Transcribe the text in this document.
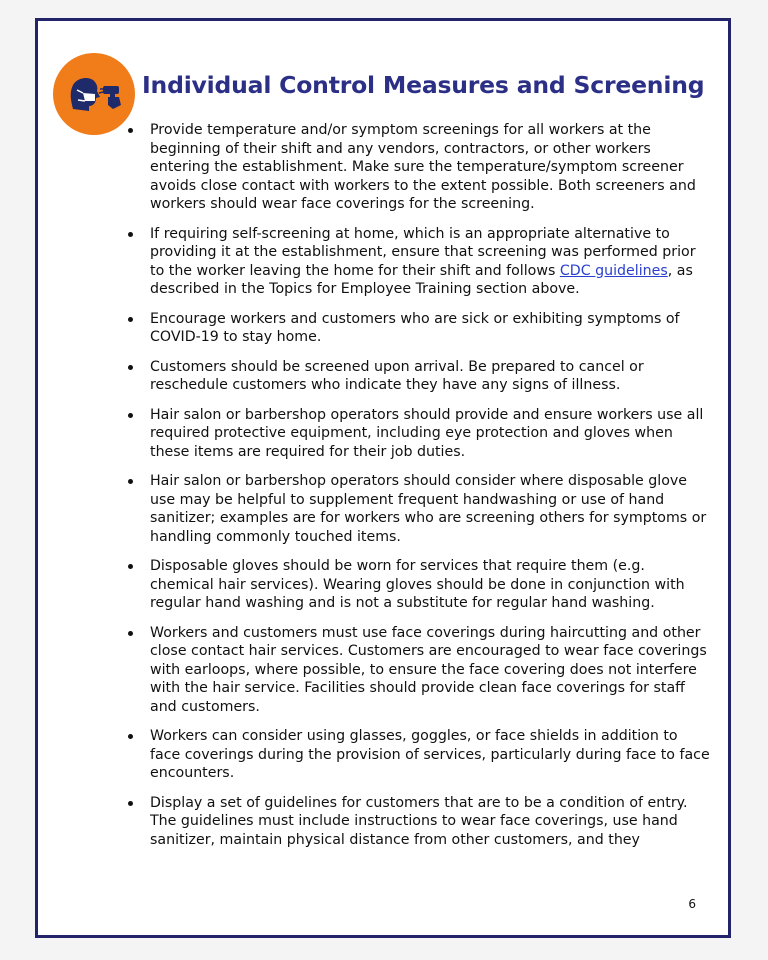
Individual Control Measures and Screening
Provide temperature and/or symptom screenings for all workers at the beginning of their shift and any vendors, contractors, or other workers entering the establishment. Make sure the temperature/symptom screener avoids close contact with workers to the extent possible. Both screeners and workers should wear face coverings for the screening.
If requiring self-screening at home, which is an appropriate alternative to providing it at the establishment, ensure that screening was performed prior to the worker leaving the home for their shift and follows CDC guidelines, as described in the Topics for Employee Training section above.
Encourage workers and customers who are sick or exhibiting symptoms of COVID-19 to stay home.
Customers should be screened upon arrival. Be prepared to cancel or reschedule customers who indicate they have any signs of illness.
Hair salon or barbershop operators should provide and ensure workers use all required protective equipment, including eye protection and gloves when these items are required for their job duties.
Hair salon or barbershop operators should consider where disposable glove use may be helpful to supplement frequent handwashing or use of hand sanitizer; examples are for workers who are screening others for symptoms or handling commonly touched items.
Disposable gloves should be worn for services that require them (e.g. chemical hair services). Wearing gloves should be done in conjunction with regular hand washing and is not a substitute for regular hand washing.
Workers and customers must use face coverings during haircutting and other close contact hair services. Customers are encouraged to wear face coverings with earloops, where possible, to ensure the face covering does not interfere with the hair service. Facilities should provide clean face coverings for staff and customers.
Workers can consider using glasses, goggles, or face shields in addition to face coverings during the provision of services, particularly during face to face encounters.
Display a set of guidelines for customers that are to be a condition of entry. The guidelines must include instructions to wear face coverings, use hand sanitizer, maintain physical distance from other customers, and they
6
